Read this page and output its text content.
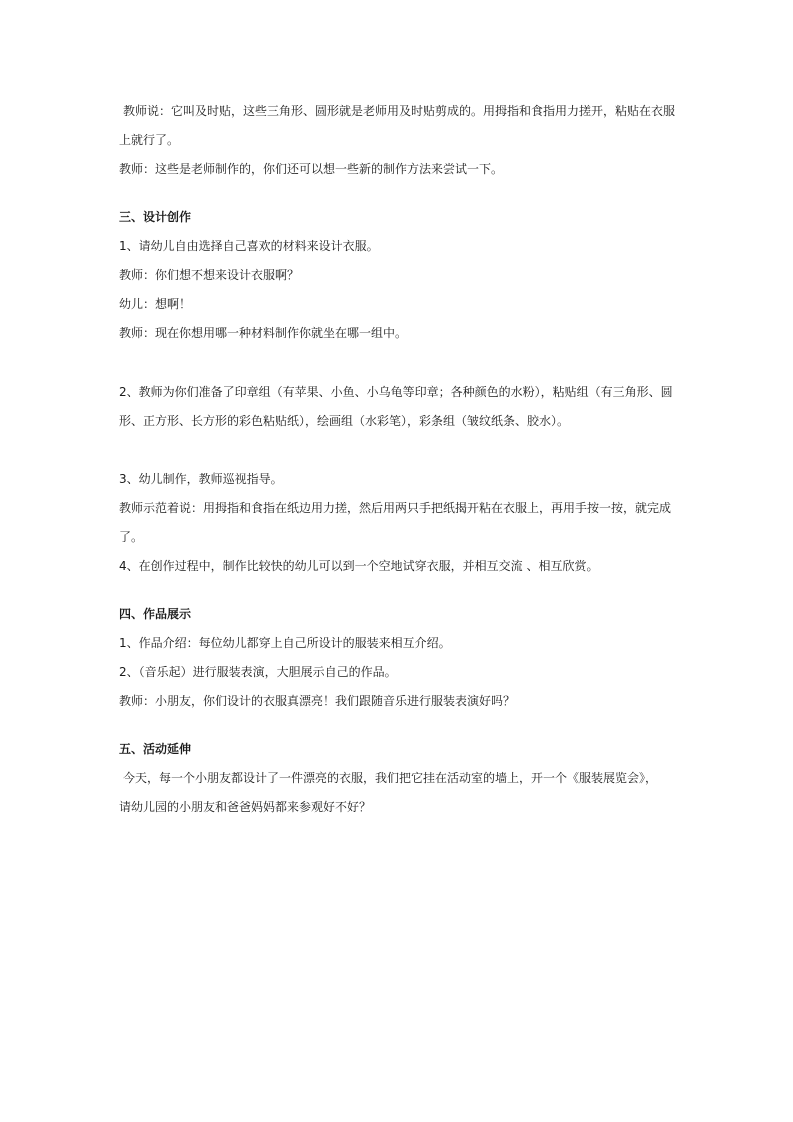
教师说：它叫及时贴，这些三角形、圆形就是老师用及时贴剪成的。用拇指和食指用力搓开，粘贴在衣服
上就行了。
教师：这些是老师制作的，你们还可以想一些新的制作方法来尝试一下。
三、设计创作
1、请幼儿自由选择自己喜欢的材料来设计衣服。
教师：你们想不想来设计衣服啊？
幼儿：想啊！
教师：现在你想用哪一种材料制作你就坐在哪一组中。
2、教师为你们准备了印章组（有苹果、小鱼、小乌龟等印章；各种颜色的水粉），粘贴组（有三角形、圆
形、正方形、长方形的彩色粘贴纸），绘画组（水彩笔），彩条组（皱纹纸条、胶水）。
3、幼儿制作，教师巡视指导。
教师示范着说：用拇指和食指在纸边用力搓，然后用两只手把纸揭开粘在衣服上，再用手按一按，就完成
了。
4、在创作过程中，制作比较快的幼儿可以到一个空地试穿衣服，并相互交流 、相互欣赏。
四、作品展示
1、作品介绍：每位幼儿都穿上自己所设计的服装来相互介绍。
2、（音乐起）进行服装表演，大胆展示自己的作品。
教师：小朋友，你们设计的衣服真漂亮！我们跟随音乐进行服装表演好吗？
五、活动延伸
今天，每一个小朋友都设计了一件漂亮的衣服，我们把它挂在活动室的墙上，开一个《服装展览会》，
请幼儿园的小朋友和爸爸妈妈都来参观好不好？
